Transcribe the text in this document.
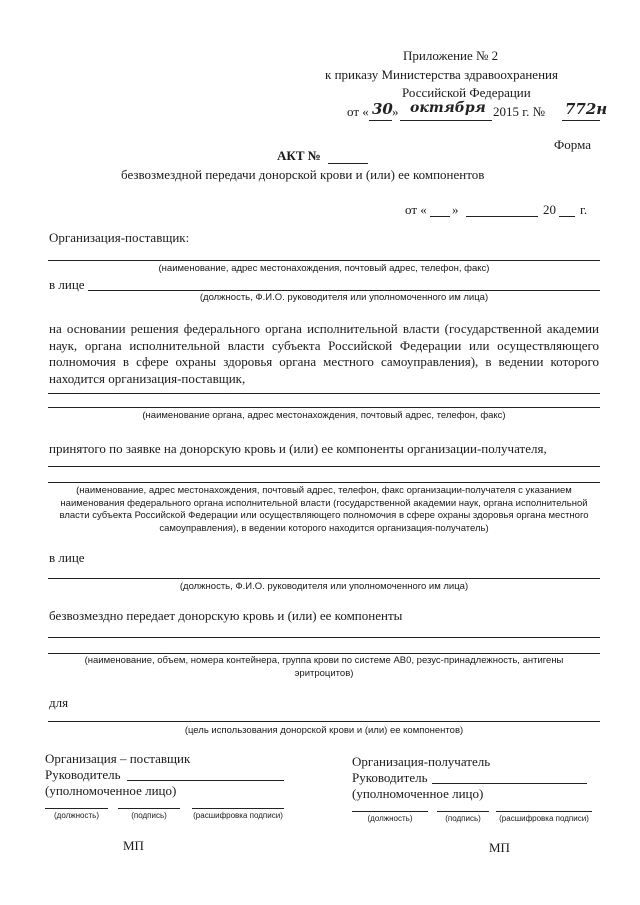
Приложение № 2
к приказу Министерства здравоохранения
Российской Федерации
от « 30 » октября 2015 г. № 772н
Форма
АКТ №
безвозмездной передачи донорской крови и (или) ее компонентов
от « »	20 г.
Организация-поставщик:
(наименование, адрес местонахождения, почтовый адрес, телефон, факс)
в лице
(должность, Ф.И.О. руководителя или уполномоченного им лица)

на основании решения федерального органа исполнительной власти (государственной академии наук, органа исполнительной власти субъекта Российской Федерации или осуществляющего полномочия в сфере охраны здоровья органа местного самоуправления), в ведении которого находится организация-поставщик,

(наименование органа, адрес местонахождения, почтовый адрес, телефон, факс)
принятого по заявке на донорскую кровь и (или) ее компоненты организации-получателя,
(наименование, адрес местонахождения, почтовый адрес, телефон, факс организации-получателя с указанием наименования федерального органа исполнительной власти (государственной академии наук, органа исполнительной власти субъекта Российской Федерации или осуществляющего полномочия в сфере охраны здоровья органа местного самоуправления), в ведении которого находится организация-получатель)
в лице
(должность, Ф.И.О. руководителя или уполномоченного им лица)
безвозмездно передает донорскую кровь и (или) ее компоненты
(наименование, объем, номера контейнера, группа крови по системе AB0, резус-принадлежность, антигены эритроцитов)
для
(цель использования донорской крови и (или) ее компонентов)
Организация – поставщик
Руководитель
(уполномоченное лицо)
(должность)	(подпись)	(расшифровка подписи)
МП
Организация-получатель
Руководитель
(уполномоченное лицо)
(должность)	(подпись)	(расшифровка подписи)
МП
